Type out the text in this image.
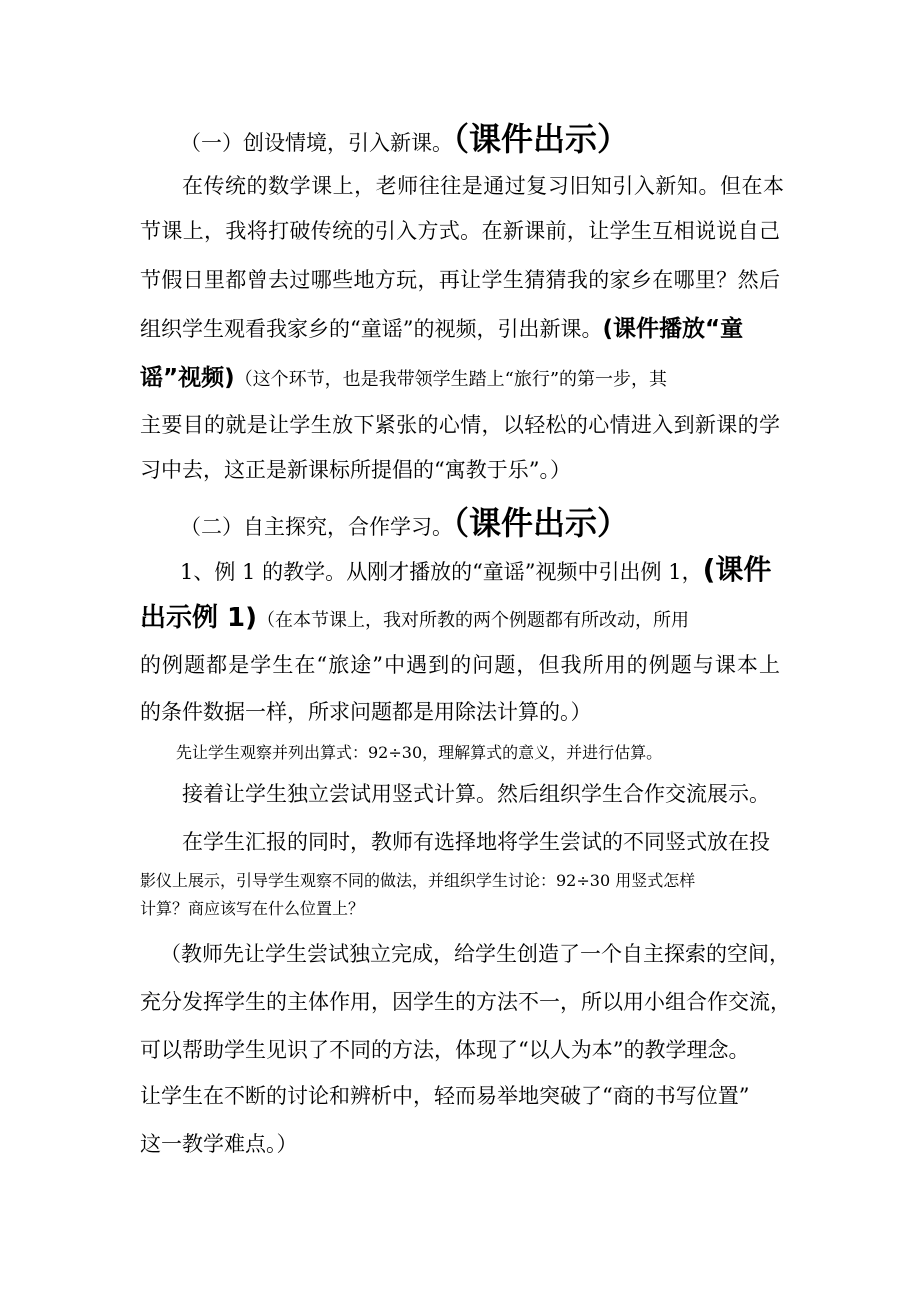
（一）创设情境，引入新课。（课件出示）
在传统的数学课上，老师往往是通过复习旧知引入新知。但在本
节课上，我将打破传统的引入方式。在新课前，让学生互相说说自己
节假日里都曾去过哪些地方玩，再让学生猜猜我的家乡在哪里？然后
组织学生观看我家乡的“童谣”的视频，引出新课。(课件播放“童
谣”视频)（这个环节，也是我带领学生踏上“旅行”的第一步，其
主要目的就是让学生放下紧张的心情，以轻松的心情进入到新课的学
习中去，这正是新课标所提倡的“寓教于乐”。）
（二）自主探究，合作学习。（课件出示）
1、例 1 的教学。从刚才播放的“童谣”视频中引出例 1，(课件
出示例 1)（在本节课上，我对所教的两个例题都有所改动，所用
的例题都是学生在“旅途”中遇到的问题，但我所用的例题与课本上
的条件数据一样，所求问题都是用除法计算的。）
先让学生观察并列出算式：92÷30，理解算式的意义，并进行估算。
接着让学生独立尝试用竖式计算。然后组织学生合作交流展示。
在学生汇报的同时，教师有选择地将学生尝试的不同竖式放在投
影仪上展示，引导学生观察不同的做法，并组织学生讨论：92÷30 用竖式怎样
计算？商应该写在什么位置上？
（教师先让学生尝试独立完成，给学生创造了一个自主探索的空间，
充分发挥学生的主体作用，因学生的方法不一，所以用小组合作交流，
可以帮助学生见识了不同的方法，体现了“以人为本”的教学理念。
让学生在不断的讨论和辨析中，轻而易举地突破了“商的书写位置”
这一教学难点。）
